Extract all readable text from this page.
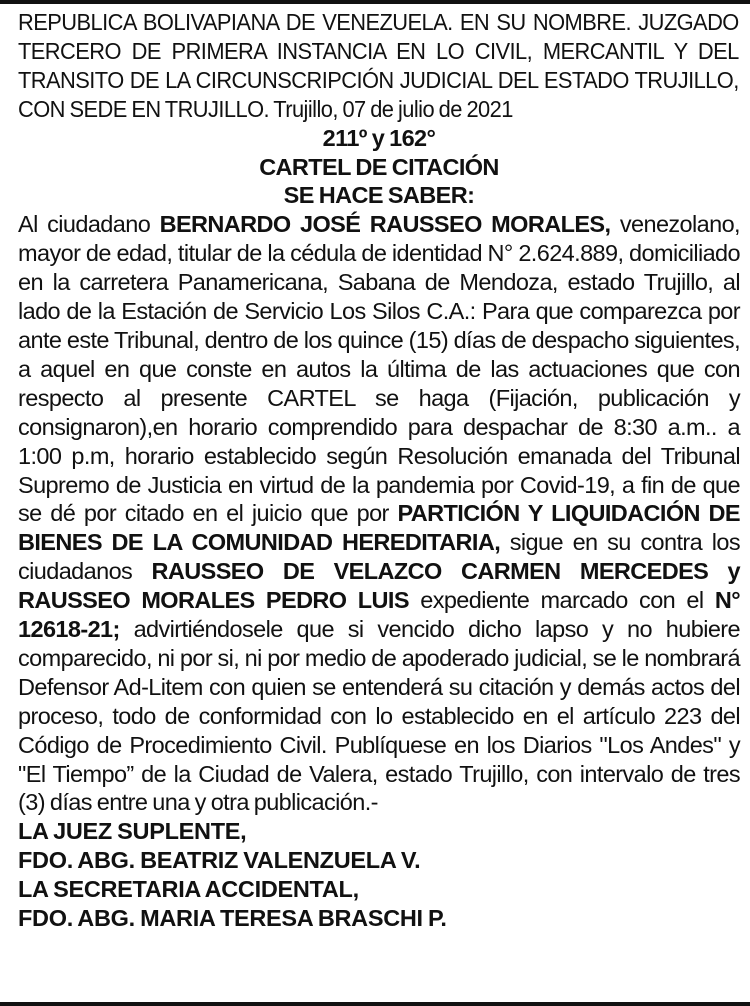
REPUBLICA BOLIVAPIANA DE VENEZUELA. EN SU NOMBRE. JUZGADO TERCERO DE PRIMERA INSTANCIA EN LO CIVIL, MERCANTIL Y DEL TRANSITO DE LA CIRCUNSCRIPCIÓN JUDICIAL DEL ESTADO TRUJILLO, CON SEDE EN TRUJILLO. Trujillo, 07 de julio de 2021

211º y 162°

CARTEL DE CITACIÓN

SE HACE SABER:

Al ciudadano BERNARDO JOSÉ RAUSSEO MORALES, venezolano, mayor de edad, titular de la cédula de identidad N° 2.624.889, domiciliado en la carretera Panamericana, Sabana de Mendoza, estado Trujillo, al lado de la Estación de Servicio Los Silos C.A.: Para que comparezca por ante este Tribunal, dentro de los quince (15) días de despacho siguientes, a aquel en que conste en autos la última de las actuaciones que con respecto al presente CARTEL se haga (Fijación, publicación y consignaron),en horario comprendido para despachar de 8:30 a.m.. a 1:00 p.m, horario establecido según Resolución emanada del Tribunal Supremo de Justicia en virtud de la pandemia por Covid-19, a fin de que se dé por citado en el juicio que por PARTICIÓN Y LIQUIDACIÓN DE BIENES DE LA COMUNIDAD HEREDITARIA, sigue en su contra los ciudadanos RAUSSEO DE VELAZCO CARMEN MERCEDES y RAUSSEO MORALES PEDRO LUIS expediente marcado con el N° 12618-21; advirtiéndosele que si vencido dicho lapso y no hubiere comparecido, ni por si, ni por medio de apoderado judicial, se le nombrará Defensor Ad-Litem con quien se entenderá su citación y demás actos del proceso, todo de conformidad con lo establecido en el artículo 223 del Código de Procedimiento Civil. Publíquese en los Diarios "Los Andes" y "El Tiempo” de la Ciudad de Valera, estado Trujillo, con intervalo de tres (3) días entre una y otra publicación.-

LA JUEZ SUPLENTE,

FDO. ABG. BEATRIZ VALENZUELA V.

LA SECRETARIA ACCIDENTAL,

FDO. ABG. MARIA TERESA BRASCHI P.
